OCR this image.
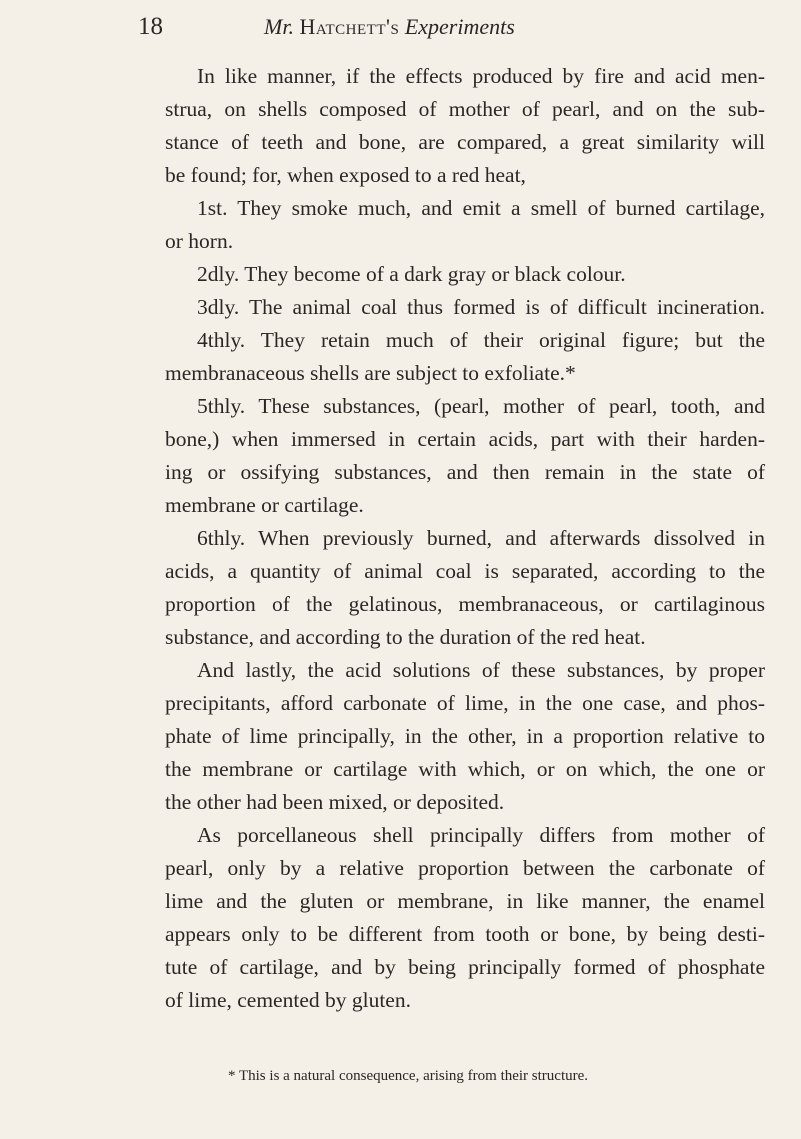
18	Mr. Hatchett's Experiments
In like manner, if the effects produced by fire and acid men-
strua, on shells composed of mother of pearl, and on the sub-
stance of teeth and bone, are compared, a great similarity will
be found; for, when exposed to a red heat,
1st. They smoke much, and emit a smell of burned cartilage,
or horn.
2dly. They become of a dark gray or black colour.
3dly. The animal coal thus formed is of difficult incineration.
4thly. They retain much of their original figure; but the
membranaceous shells are subject to exfoliate.*
5thly. These substances, (pearl, mother of pearl, tooth, and
bone,) when immersed in certain acids, part with their harden-
ing or ossifying substances, and then remain in the state of
membrane or cartilage.
6thly. When previously burned, and afterwards dissolved in
acids, a quantity of animal coal is separated, according to the
proportion of the gelatinous, membranaceous, or cartilaginous
substance, and according to the duration of the red heat.
And lastly, the acid solutions of these substances, by proper
precipitants, afford carbonate of lime, in the one case, and phos-
phate of lime principally, in the other, in a proportion relative to
the membrane or cartilage with which, or on which, the one or
the other had been mixed, or deposited.
As porcellaneous shell principally differs from mother of
pearl, only by a relative proportion between the carbonate of
lime and the gluten or membrane, in like manner, the enamel
appears only to be different from tooth or bone, by being desti-
tute of cartilage, and by being principally formed of phosphate
of lime, cemented by gluten.
* This is a natural consequence, arising from their structure.
